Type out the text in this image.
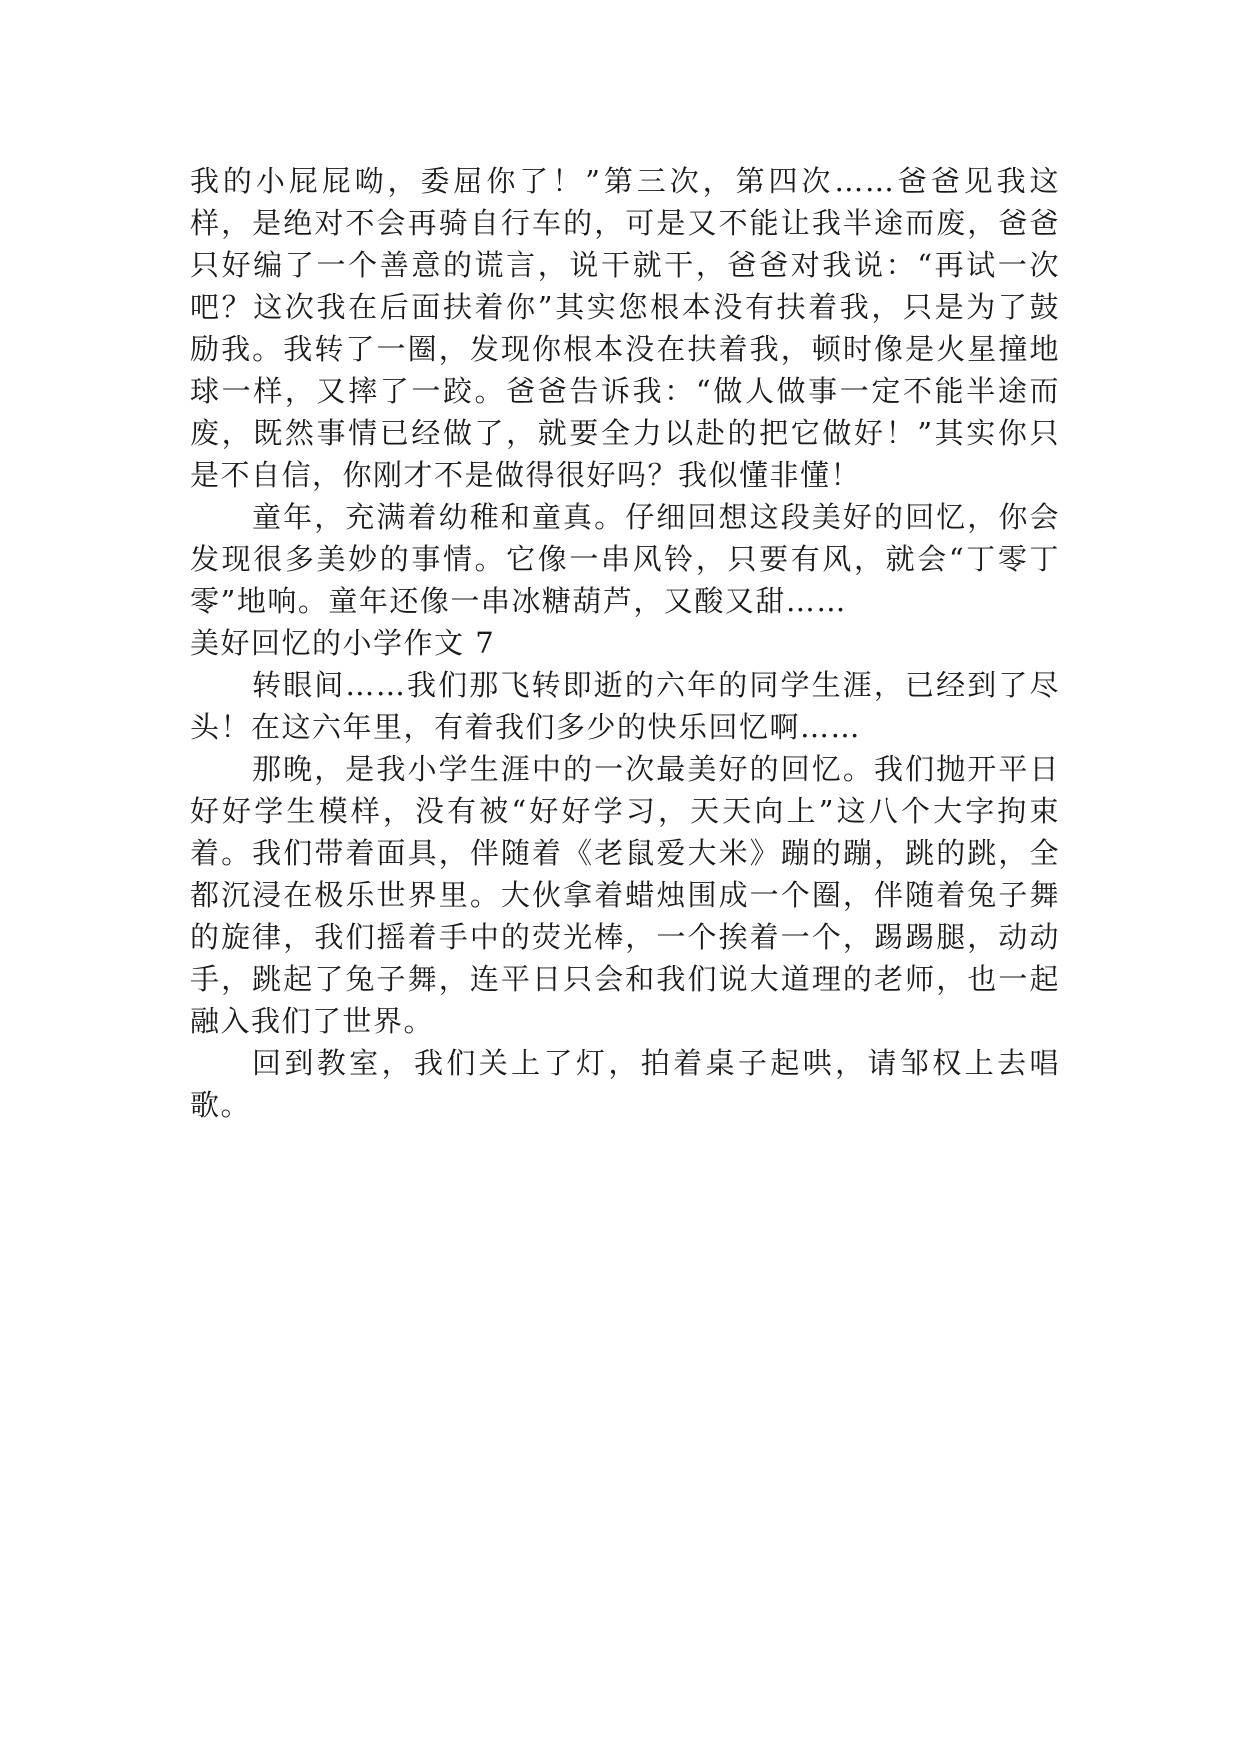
我的小屁屁呦，委屈你了！”第三次，第四次……爸爸见我这样，是绝对不会再骑自行车的，可是又不能让我半途而废，爸爸只好编了一个善意的谎言，说干就干，爸爸对我说：“再试一次吧？这次我在后面扶着你”其实您根本没有扶着我，只是为了鼓励我。我转了一圈，发现你根本没在扶着我，顿时像是火星撞地球一样，又摔了一跤。爸爸告诉我：“做人做事一定不能半途而废，既然事情已经做了，就要全力以赴的把它做好！”其实你只是不自信，你刚才不是做得很好吗？我似懂非懂！

童年，充满着幼稚和童真。仔细回想这段美好的回忆，你会发现很多美妙的事情。它像一串风铃，只要有风，就会“丁零丁零”地响。童年还像一串冰糖葫芦，又酸又甜……

美好回忆的小学作文 7

转眼间……我们那飞转即逝的六年的同学生涯，已经到了尽头！在这六年里，有着我们多少的快乐回忆啊……

那晚，是我小学生涯中的一次最美好的回忆。我们抛开平日好好学生模样，没有被“好好学习，天天向上”这八个大字拘束着。我们带着面具，伴随着《老鼠爱大米》蹦的蹦，跳的跳，全都沉浸在极乐世界里。大伙拿着蜡烛围成一个圈，伴随着兔子舞的旋律，我们摇着手中的荧光棒，一个挨着一个，踢踢腿，动动手，跳起了兔子舞，连平日只会和我们说大道理的老师，也一起融入我们了世界。

回到教室，我们关上了灯，拍着桌子起哄，请邹权上去唱歌。
